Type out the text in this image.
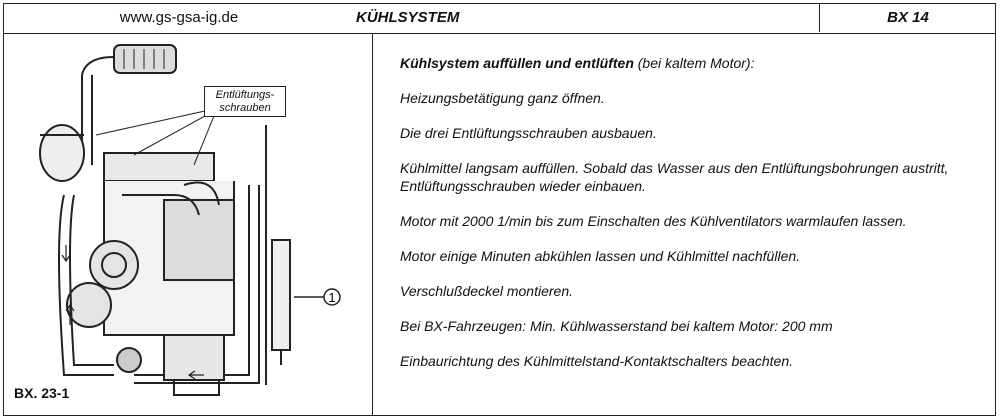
www.gs-gsa-ig.de	KÜHLSYSTEM	BX 14
1
Entlüftungs-
schrauben
BX. 23-1

Kühlsystem auffüllen und entlüften (bei kaltem Motor):

Heizungsbetätigung ganz öffnen.

Die drei Entlüftungsschrauben ausbauen.

Kühlmittel langsam auffüllen. Sobald das Wasser aus den Entlüftungsbohrungen austritt, Entlüftungsschrauben wieder einbauen.

Motor mit 2000 1/min bis zum Einschalten des Kühlventilators warmlaufen lassen.

Motor einige Minuten abkühlen lassen und Kühlmittel nachfüllen.

Verschlußdeckel montieren.

Bei BX-Fahrzeugen: Min. Kühlwasserstand bei kaltem Motor: 200 mm

Einbaurichtung des Kühlmittelstand-Kontaktschalters beachten.
